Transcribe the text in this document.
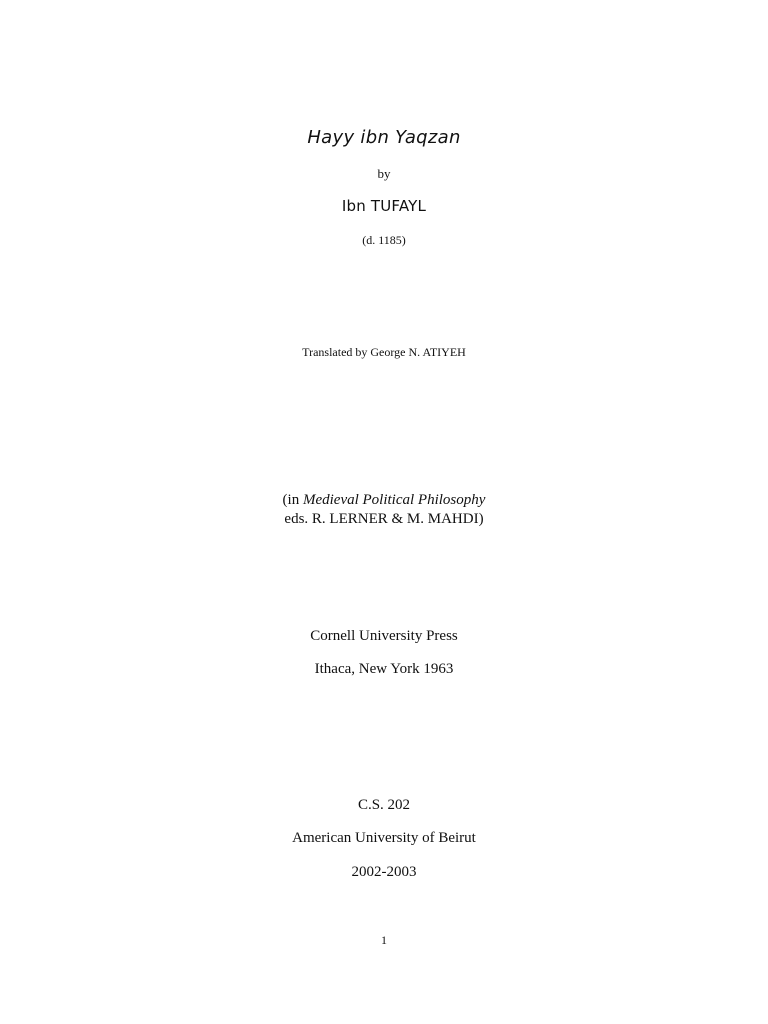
Hayy ibn Yaqzan
by
Ibn TUFAYL
(d. 1185)
Translated by George N. ATIYEH
(in Medieval Political Philosophy
eds. R. LERNER & M. MAHDI)
Cornell University Press
Ithaca, New York 1963
C.S. 202
American University of Beirut
2002-2003
1
